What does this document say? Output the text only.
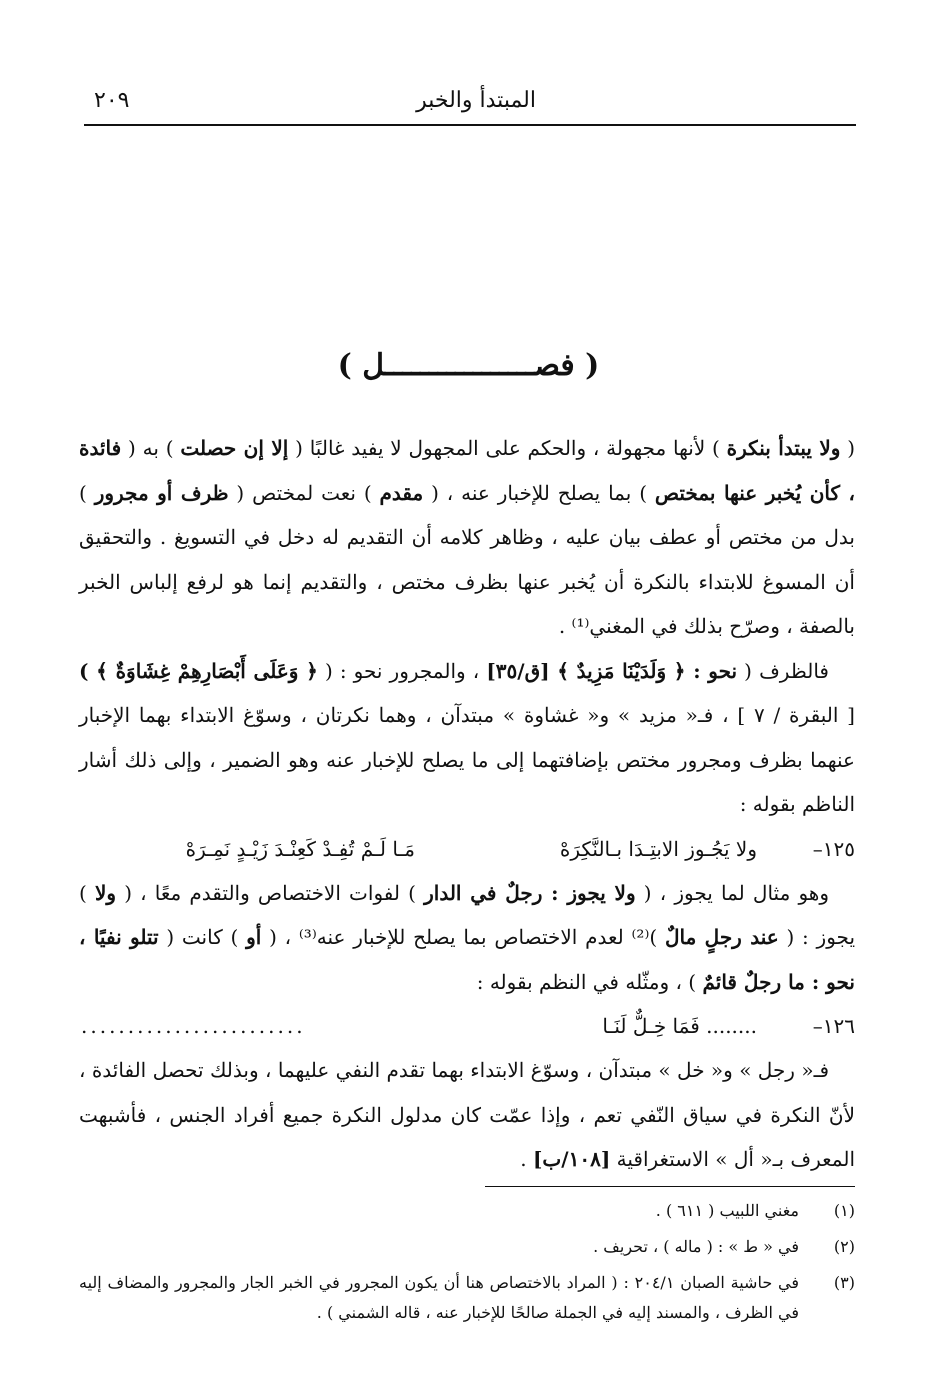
المبتدأ والخبر
٢٠٩
( فصـــــــــــــــــل )

( ولا يبتدأ بنكرة ) لأنها مجهولة ، والحكم على المجهول لا يفيد غالبًا ( إلا إن حصلت ) به ( فائدة ، كأن يُخبر عنها بمختص ) بما يصلح للإخبار عنه ، ( مقدم ) نعت لمختص ( ظرف أو مجرور ) بدل من مختص أو عطف بيان عليه ، وظاهر كلامه أن التقديم له دخل في التسويغ . والتحقيق أن المسوغ للابتداء بالنكرة أن يُخبر عنها بظرف مختص ، والتقديم إنما هو لرفع إلباس الخبر بالصفة ، وصرّح بذلك في المغني⁽¹⁾ .

فالظرف ( نحو : ﴿ وَلَدَيْنَا مَزِيدٌ ﴾ [ق/٣٥] ، والمجرور نحو : ( ﴿ وَعَلَى أَبْصَارِهِمْ غِشَاوَةٌ ﴾ ) [ البقرة / ٧ ] ، فـ« مزيد » و« غشاوة » مبتدآن ، وهما نكرتان ، وسوّغ الابتداء بهما الإخبار عنهما بظرف ومجرور مختص بإضافتهما إلى ما يصلح للإخبار عنه وهو الضمير ، وإلى ذلك أشار الناظم بقوله :

١٢٥–
ولا يَجُـوز الابتِـدَا بـالنَّكِرَهْ
مَـا لَـمْ تُفِـدْ كَعِنْـدَ زَيْـدٍ نَمِـرَهْ

وهو مثال لما يجوز ، ( ولا يجوز : رجلٌ في الدار ) لفوات الاختصاص والتقدم معًا ، ( ولا ) يجوز : ( عند رجلٍ مالٌ )⁽²⁾ لعدم الاختصاص بما يصلح للإخبار عنه⁽³⁾ ، ( أو ) كانت ( تتلو نفيًا ، نحو : ما رجلٌ قائمٌ ) ، ومثّله في النظم بقوله :

١٢٦–
........ فَمَا خِـلٌّ لَنَـا
........................

فـ« رجل » و« خل » مبتدآن ، وسوّغ الابتداء بهما تقدم النفي عليهما ، وبذلك تحصل الفائدة ، لأنّ النكرة في سياق النّفي تعم ، وإذا عمّت كان مدلول النكرة جميع أفراد الجنس ، فأشبهت المعرف بـ« أل » الاستغراقية [١٠٨/ب] .

(١)
مغني اللبيب ( ٦١١ ) .
(٢)
في « ط » : ( ماله ) ، تحريف .
(٣)
في حاشية الصبان ٢٠٤/١ : ( المراد بالاختصاص هنا أن يكون المجرور في الخبر الجار والمجرور والمضاف إليه في الظرف ، والمسند إليه في الجملة صالحًا للإخبار عنه ، قاله الشمني ) .
